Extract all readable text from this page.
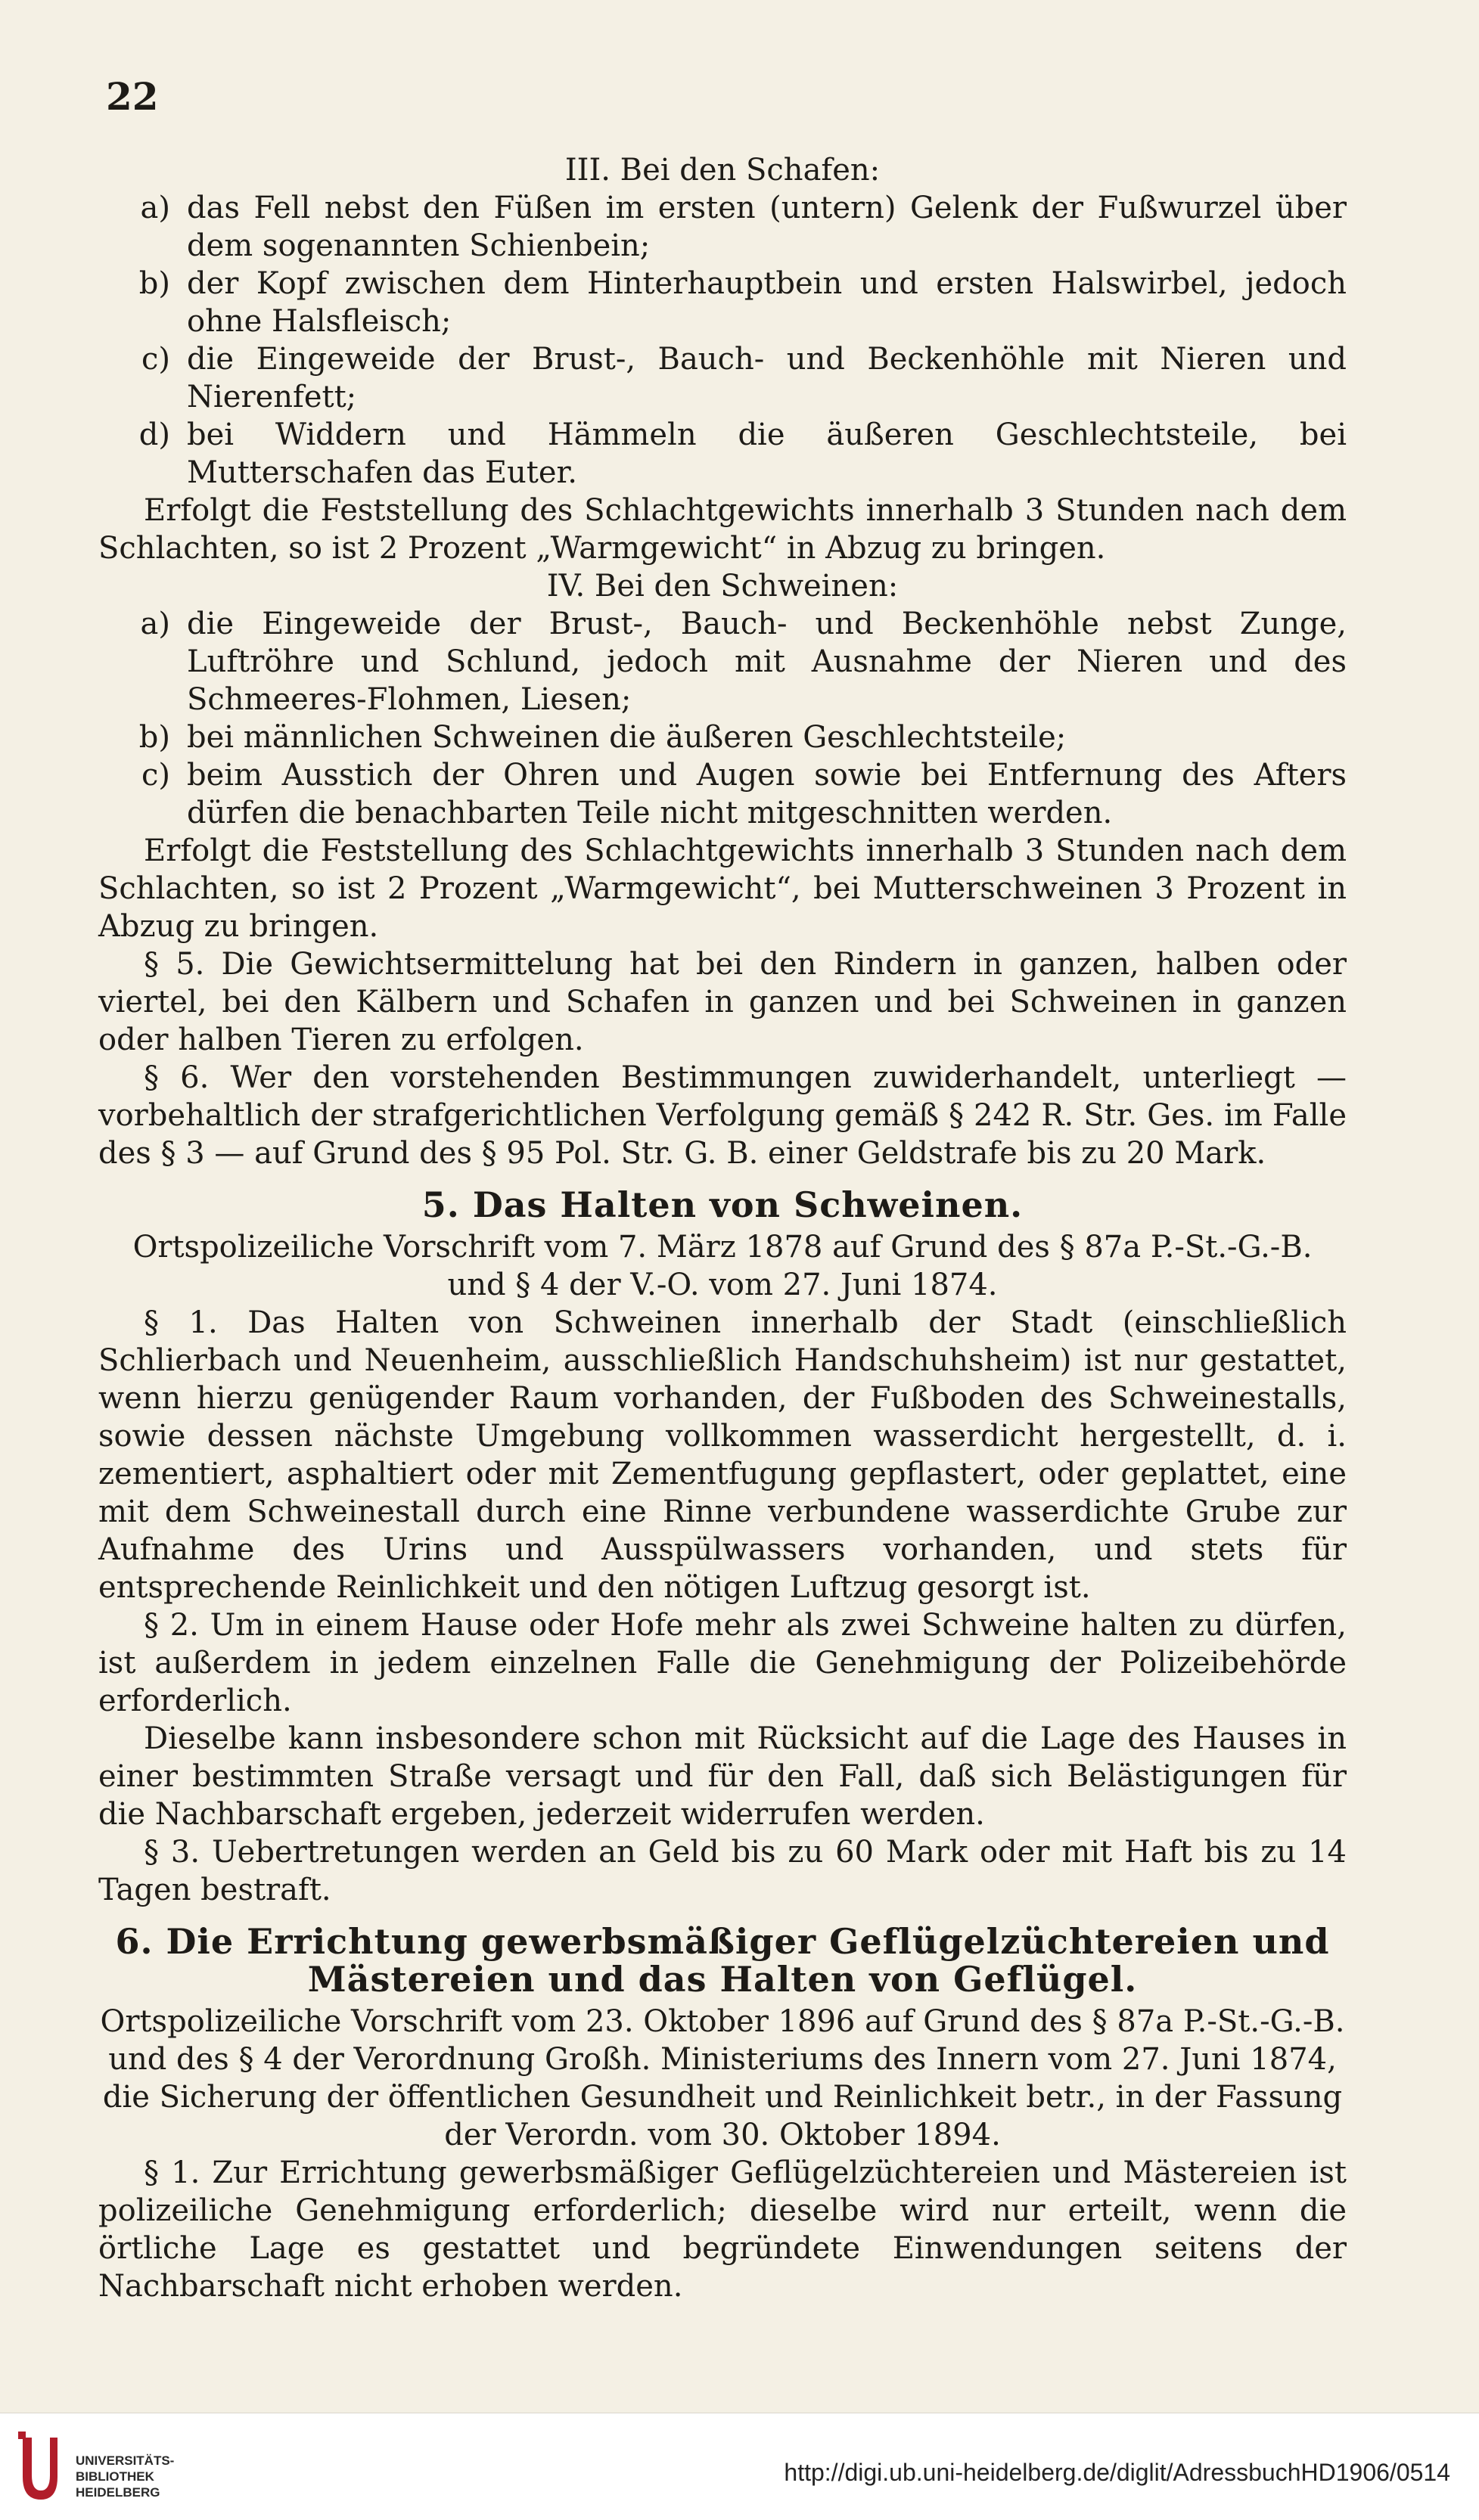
22

III. Bei den Schafen:

a) das Fell nebst den Füßen im ersten (untern) Gelenk der Fußwurzel über dem sogenannten Schienbein;
b) der Kopf zwischen dem Hinterhauptbein und ersten Halswirbel, jedoch ohne Halsfleisch;
c) die Eingeweide der Brust-, Bauch- und Beckenhöhle mit Nieren und Nierenfett;
d) bei Widdern und Hämmeln die äußeren Geschlechtsteile, bei Mutterschafen das Euter.

Erfolgt die Feststellung des Schlachtgewichts innerhalb 3 Stunden nach dem Schlachten, so ist 2 Prozent „Warmgewicht“ in Abzug zu bringen.

IV. Bei den Schweinen:

a) die Eingeweide der Brust-, Bauch- und Beckenhöhle nebst Zunge, Luftröhre und Schlund, jedoch mit Ausnahme der Nieren und des Schmeeres-Flohmen, Liesen;
b) bei männlichen Schweinen die äußeren Geschlechtsteile;
c) beim Ausstich der Ohren und Augen sowie bei Entfernung des Afters dürfen die benachbarten Teile nicht mitgeschnitten werden.

Erfolgt die Feststellung des Schlachtgewichts innerhalb 3 Stunden nach dem Schlachten, so ist 2 Prozent „Warmgewicht“, bei Mutterschweinen 3 Prozent in Abzug zu bringen.

§ 5. Die Gewichtsermittelung hat bei den Rindern in ganzen, halben oder viertel, bei den Kälbern und Schafen in ganzen und bei Schweinen in ganzen oder halben Tieren zu erfolgen.

§ 6. Wer den vorstehenden Bestimmungen zuwiderhandelt, unterliegt — vorbehaltlich der strafgerichtlichen Verfolgung gemäß § 242 R. Str. Ges. im Falle des § 3 — auf Grund des § 95 Pol. Str. G. B. einer Geldstrafe bis zu 20 Mark.

5. Das Halten von Schweinen.

Ortspolizeiliche Vorschrift vom 7. März 1878 auf Grund des § 87a P.-St.-G.-B.

und § 4 der V.-O. vom 27. Juni 1874.

§ 1. Das Halten von Schweinen innerhalb der Stadt (einschließlich Schlierbach und Neuenheim, ausschließlich Handschuhsheim) ist nur gestattet, wenn hierzu genügender Raum vorhanden, der Fußboden des Schweinestalls, sowie dessen nächste Umgebung vollkommen wasserdicht hergestellt, d. i. zementiert, asphaltiert oder mit Zementfugung gepflastert, oder geplattet, eine mit dem Schweinestall durch eine Rinne verbundene wasserdichte Grube zur Aufnahme des Urins und Ausspülwassers vorhanden, und stets für entsprechende Reinlichkeit und den nötigen Luftzug gesorgt ist.

§ 2. Um in einem Hause oder Hofe mehr als zwei Schweine halten zu dürfen, ist außerdem in jedem einzelnen Falle die Genehmigung der Polizeibehörde erforderlich.

Dieselbe kann insbesondere schon mit Rücksicht auf die Lage des Hauses in einer bestimmten Straße versagt und für den Fall, daß sich Belästigungen für die Nachbarschaft ergeben, jederzeit widerrufen werden.

§ 3. Uebertretungen werden an Geld bis zu 60 Mark oder mit Haft bis zu 14 Tagen bestraft.

6. Die Errichtung gewerbsmäßiger Geflügelzüchtereien und

Mästereien und das Halten von Geflügel.

Ortspolizeiliche Vorschrift vom 23. Oktober 1896 auf Grund des § 87a P.-St.-G.-B.

und des § 4 der Verordnung Großh. Ministeriums des Innern vom 27. Juni 1874,

die Sicherung der öffentlichen Gesundheit und Reinlichkeit betr., in der Fassung

der Verordn. vom 30. Oktober 1894.

§ 1. Zur Errichtung gewerbsmäßiger Geflügelzüchtereien und Mästereien ist polizeiliche Genehmigung erforderlich; dieselbe wird nur erteilt, wenn die örtliche Lage es gestattet und begründete Einwendungen seitens der Nachbarschaft nicht erhoben werden.

UNIVERSITÄTS-
BIBLIOTHEK
HEIDELBERG
http://digi.ub.uni-heidelberg.de/diglit/AdressbuchHD1906/0514
